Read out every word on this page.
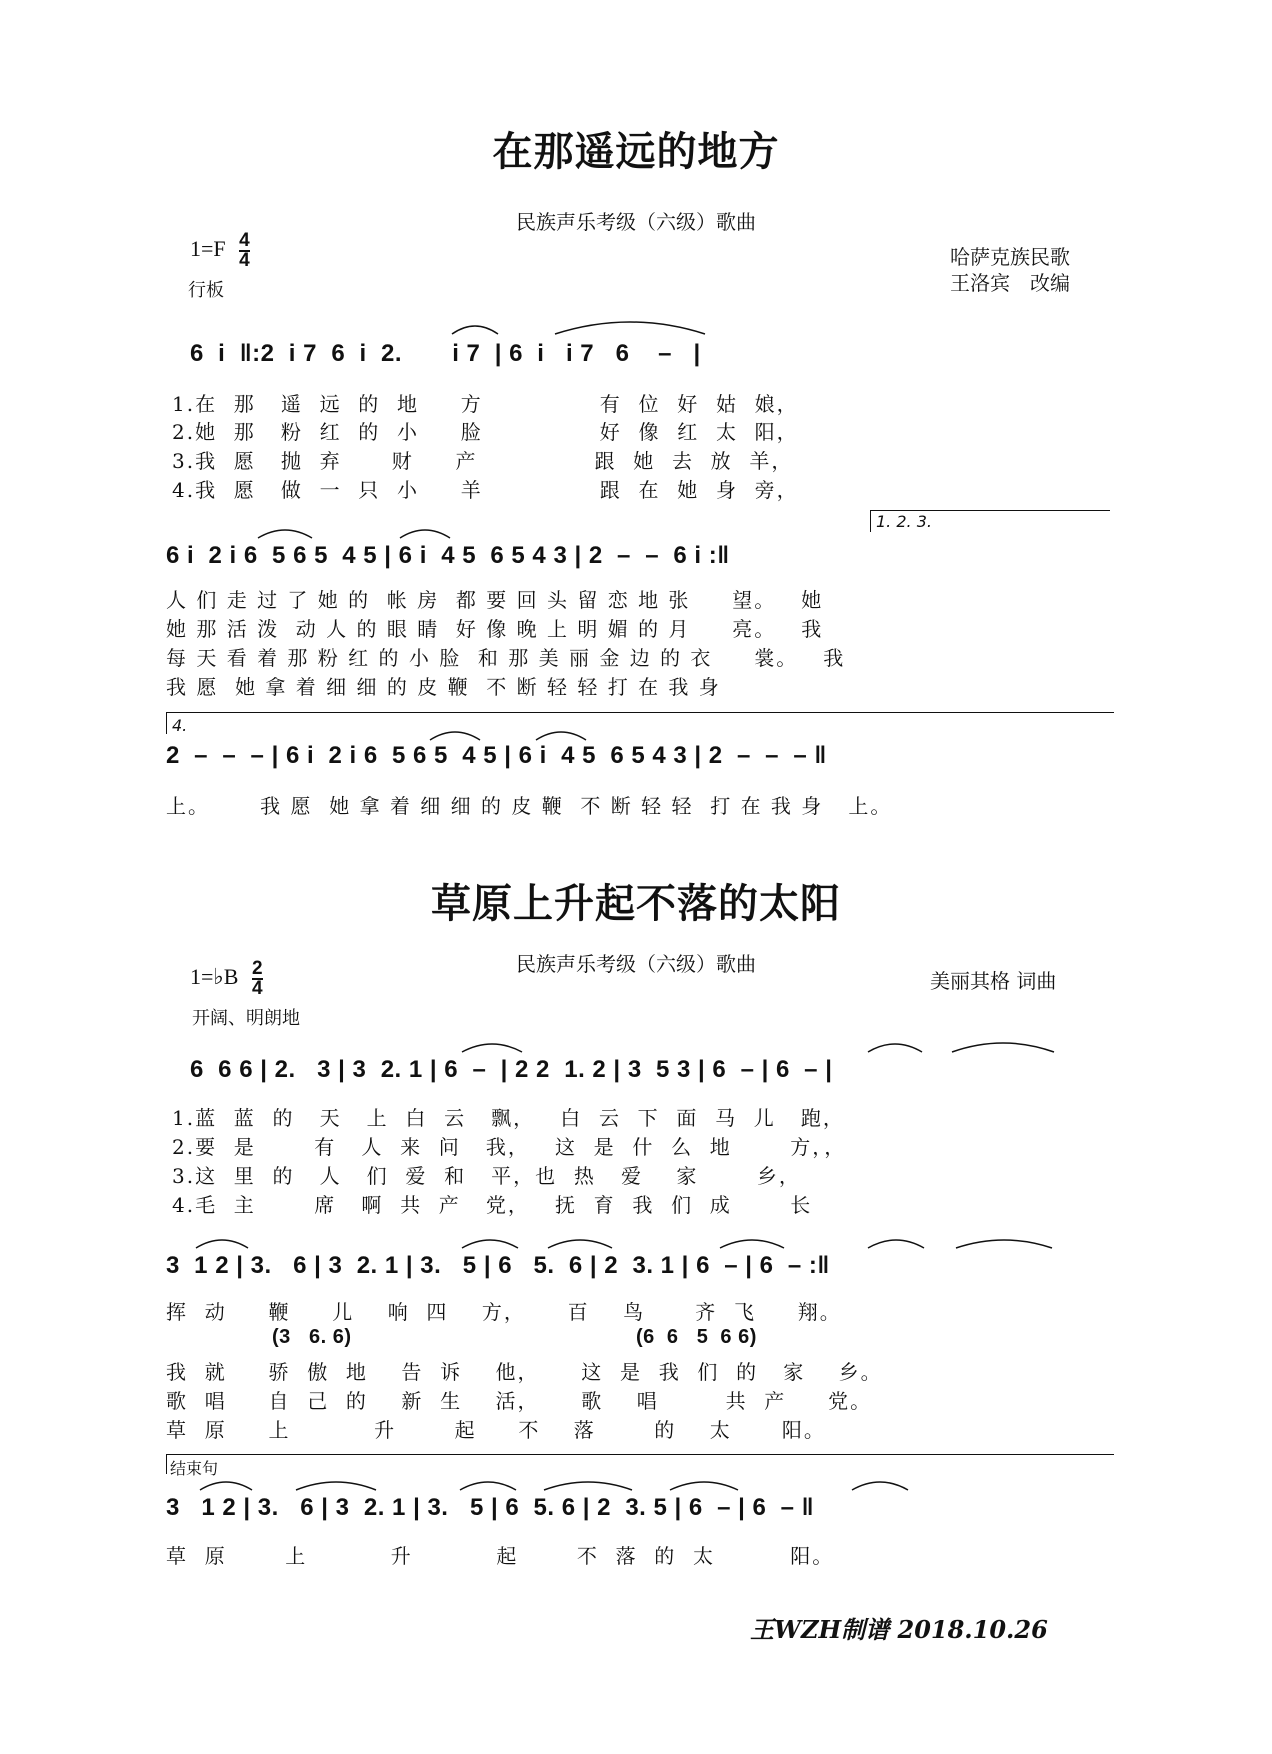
在那遥远的地方
民族声乐考级（六级）歌曲
$1=F \frac{4}{4}$
行板
哈萨克族民歌
王洛宾　改编
6  i  ‖:2  i 7  6  i  2.       i 7  | 6  i   i 7   6    –   |
1.在  那   遥  远  的  地     方              有  位  好  姑  娘，
2.她  那   粉  红  的  小     脸              好  像  红  太  阳，
3.我  愿   抛  弃      财     产              跟  她  去  放  羊，
4.我  愿   做  一  只  小     羊              跟  在  她  身  旁，
1. 2. 3.
6 i  2 i 6  5 6 5  4 5 | 6 i  4 5  6 5 4 3 | 2  –  –  6 i :‖
人 们 走 过 了 她 的  帐 房  都 要 回 头 留 恋 地 张     望。   她
她 那 活 泼  动 人 的 眼 睛  好 像 晚 上 明 媚 的 月     亮。   我
每 天 看 着 那 粉 红 的 小 脸  和 那 美 丽 金 边 的 衣     裳。   我
我 愿  她 拿 着 细 细 的 皮 鞭  不 断 轻 轻 打 在 我 身
4.
2  –  –  – | 6 i  2 i 6  5 6 5  4 5 | 6 i  4 5  6 5 4 3 | 2  –  –  – ‖
上。      我 愿  她 拿 着 细 细 的 皮 鞭  不 断 轻 轻  打 在 我 身   上。
草原上升起不落的太阳
民族声乐考级（六级）歌曲
1=♭B $\frac{2}{4}$	美丽其格 词曲
开阔、明朗地
6  6 6 | 2.   3 | 3  2. 1 | 6  –  | 2 2  1. 2 | 3  5 3 | 6  – | 6  – |
1.蓝  蓝  的   天   上  白  云   飘，   白  云  下  面  马  儿   跑，
2.要  是       有   人  来  问   我，   这  是  什  么  地       方，，
3.这  里  的   人   们  爱  和   平，也  热   爱    家       乡，
4.毛  主       席   啊  共  产   党，   抚  育  我  们  成       长
3  1 2 | 3.   6 | 3  2. 1 | 3.   5 | 6   5.  6 | 2  3. 1 | 6  – | 6  – :‖
挥  动     鞭     儿    响  四    方，     百    鸟      齐  飞     翔。
(3   6. 6)	(6  6   5  6 6)
我  就     骄  傲  地    告  诉    他，     这  是  我  们  的   家    乡。
歌  唱     自  己  的    新  生    活，     歌    唱        共  产     党。
草  原     上          升       起     不    落       的    太      阳。
结束句
3   1 2 | 3.   6 | 3  2. 1 | 3.   5 | 6  5. 6 | 2  3. 5 | 6  – | 6  – ‖
草  原       上          升          起       不  落  的  太         阳。
王WZH制谱 2018.10.26
